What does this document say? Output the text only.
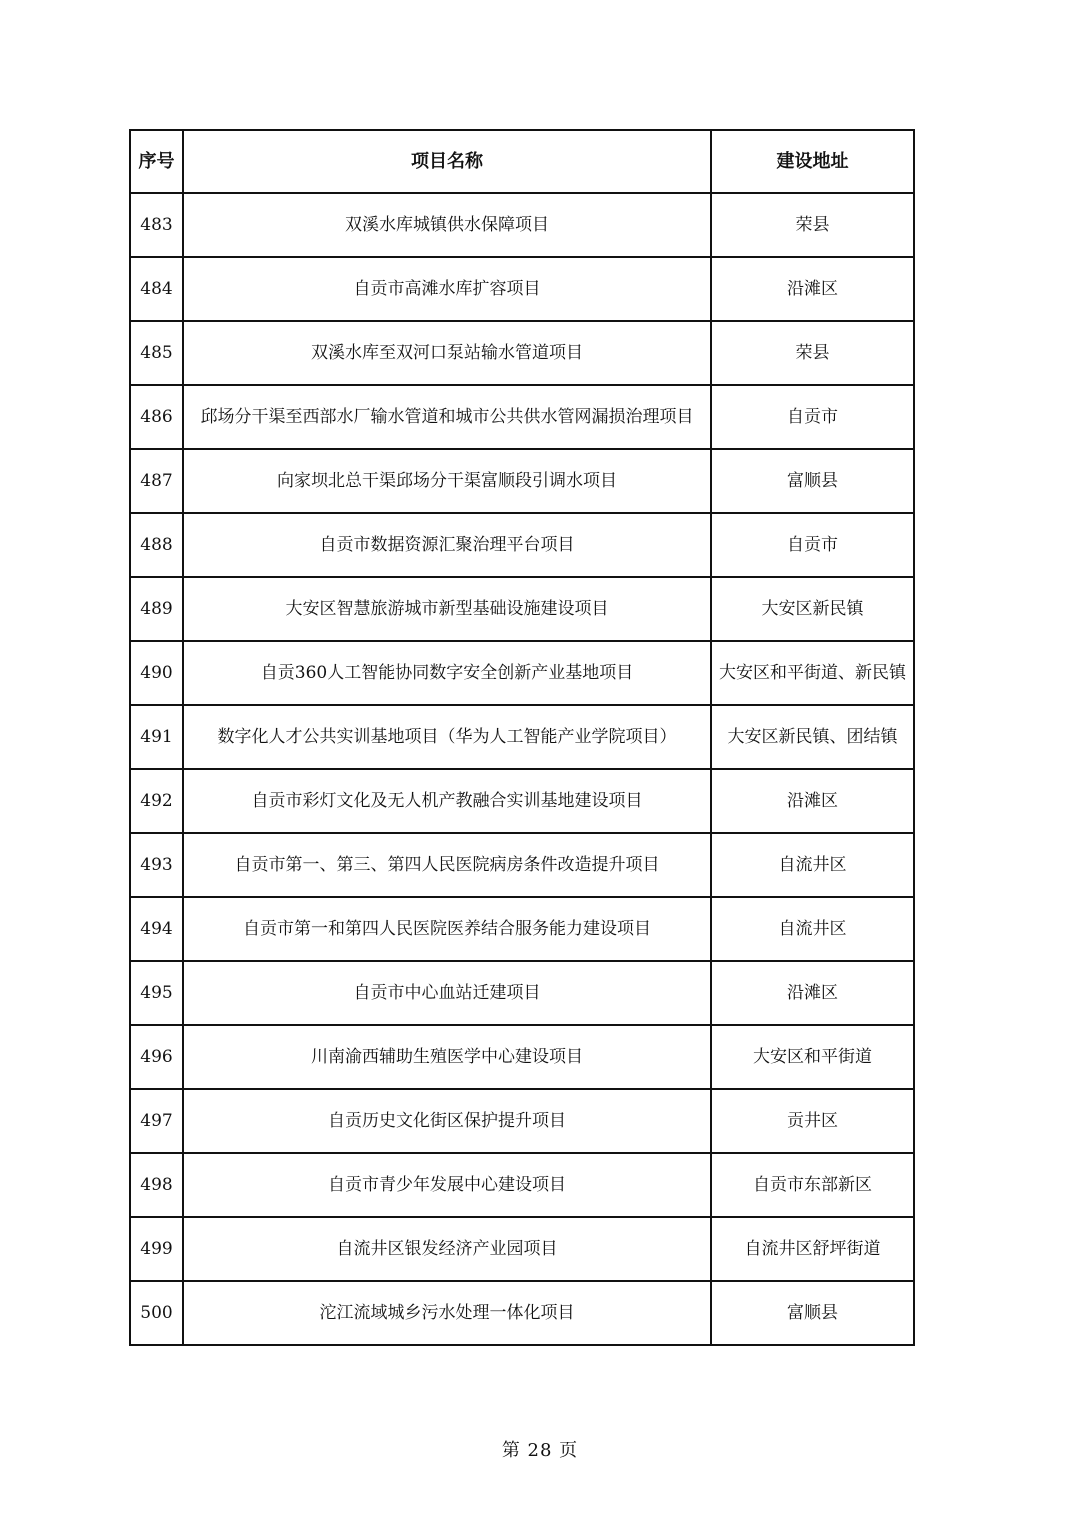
序号	项目名称	建设地址
483	双溪水库城镇供水保障项目	荣县
484	自贡市高滩水库扩容项目	沿滩区
485	双溪水库至双河口泵站输水管道项目	荣县
486	邱场分干渠至西部水厂输水管道和城市公共供水管网漏损治理项目	自贡市
487	向家坝北总干渠邱场分干渠富顺段引调水项目	富顺县
488	自贡市数据资源汇聚治理平台项目	自贡市
489	大安区智慧旅游城市新型基础设施建设项目	大安区新民镇
490	自贡360人工智能协同数字安全创新产业基地项目	大安区和平街道、新民镇
491	数字化人才公共实训基地项目（华为人工智能产业学院项目）	大安区新民镇、团结镇
492	自贡市彩灯文化及无人机产教融合实训基地建设项目	沿滩区
493	自贡市第一、第三、第四人民医院病房条件改造提升项目	自流井区
494	自贡市第一和第四人民医院医养结合服务能力建设项目	自流井区
495	自贡市中心血站迁建项目	沿滩区
496	川南渝西辅助生殖医学中心建设项目	大安区和平街道
497	自贡历史文化街区保护提升项目	贡井区
498	自贡市青少年发展中心建设项目	自贡市东部新区
499	自流井区银发经济产业园项目	自流井区舒坪街道
500	沱江流域城乡污水处理一体化项目	富顺县
第 28 页
